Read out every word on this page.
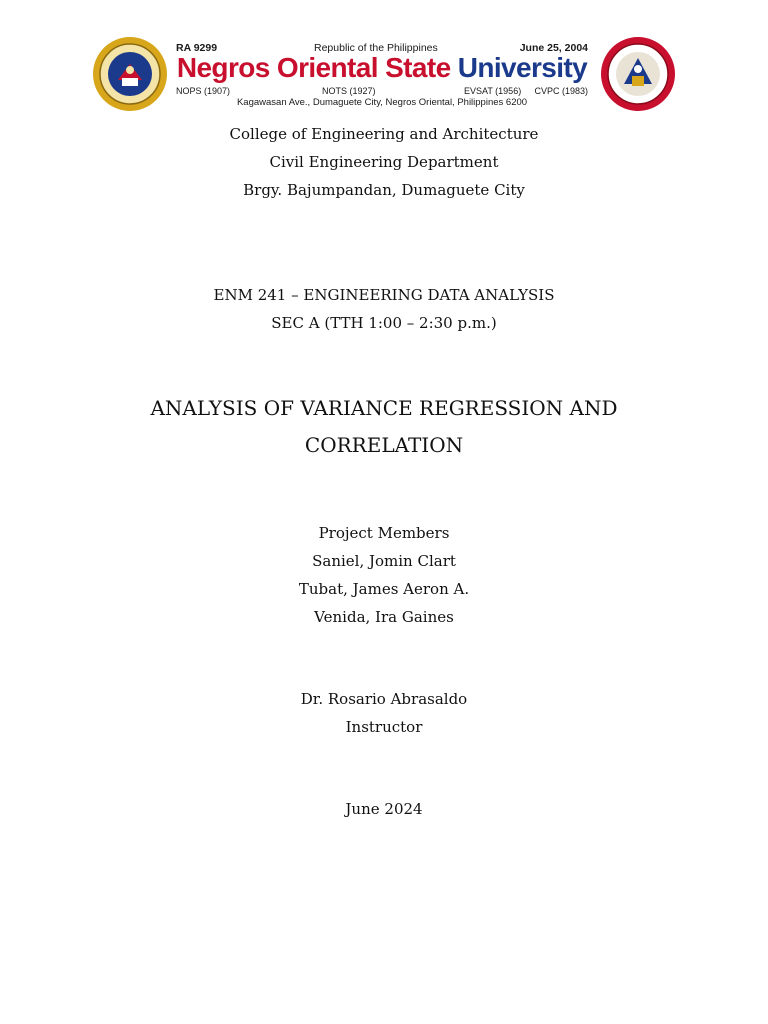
RA 9299	Republic of the Philippines	June 25, 2004
Negros Oriental State University
NOPS (1907)	NOTS (1927)	EVSAT (1956) CVPC (1983)
Kagawasan Ave., Dumaguete City, Negros Oriental, Philippines 6200
College of Engineering and Architecture
Civil Engineering Department
Brgy. Bajumpandan, Dumaguete City
ENM 241 – ENGINEERING DATA ANALYSIS
SEC A (TTH 1:00 – 2:30 p.m.)
ANALYSIS OF VARIANCE REGRESSION AND
CORRELATION
Project Members
Saniel, Jomin Clart
Tubat, James Aeron A.
Venida, Ira Gaines
Dr. Rosario Abrasaldo
Instructor
June 2024
